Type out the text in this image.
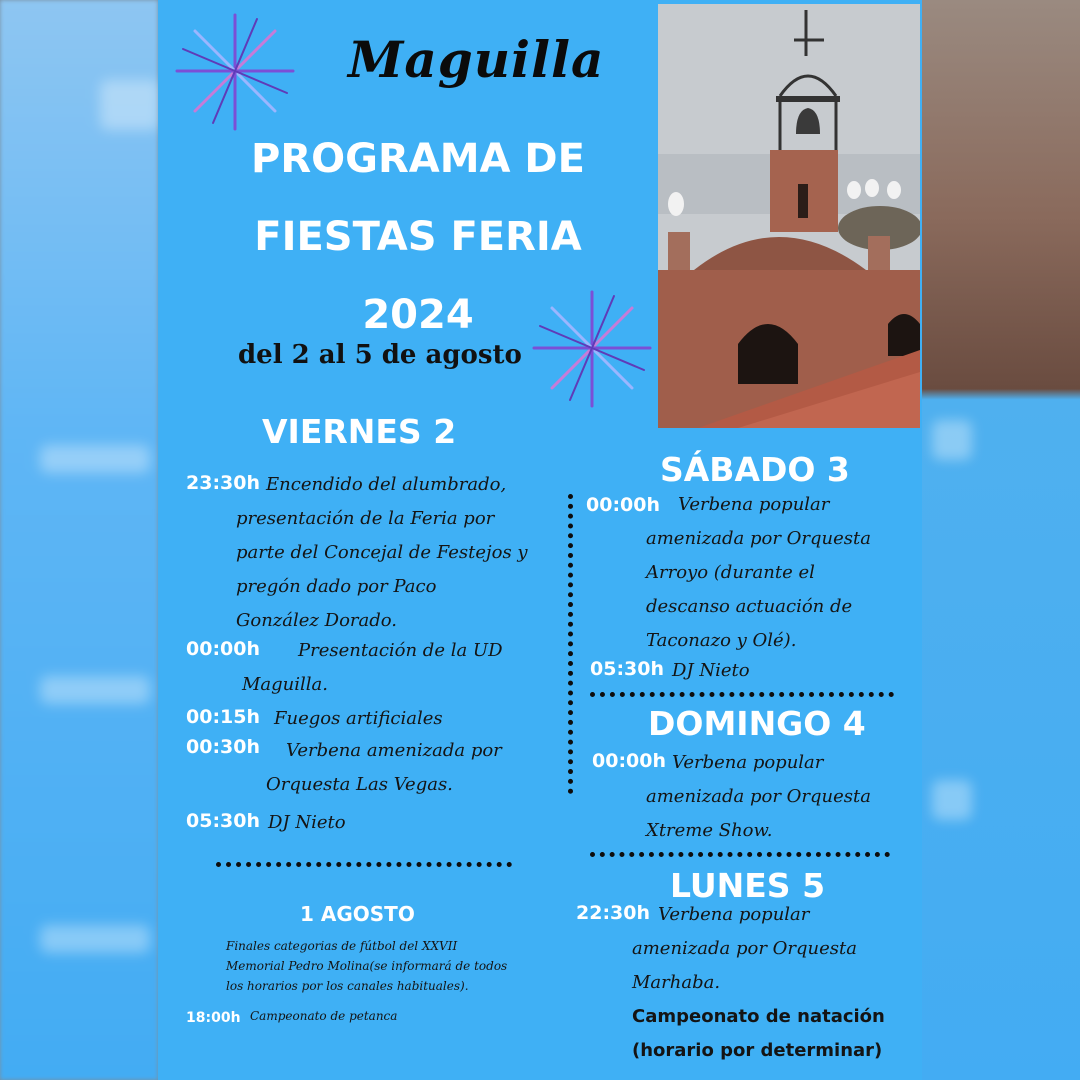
Maguilla
PROGRAMA DE
FIESTAS FERIA
2024
del 2 al 5 de agosto
VIERNES 2
23:30h Encendido del alumbrado,
presentación de la Feria por
parte del Concejal de Festejos y
pregón dado por Paco
González Dorado.
00:00h Presentación de la UD
Maguilla.
00:15h Fuegos artificiales
00:30h Verbena amenizada por
Orquesta Las Vegas.
05:30h DJ Nieto
1 AGOSTO
Finales categorias de fútbol del XXVII
Memorial Pedro Molina(se informará de todos
los horarios por los canales habituales).
18:00h Campeonato de petanca
SÁBADO 3
00:00h Verbena popular
amenizada por Orquesta
Arroyo (durante el
descanso actuación de
Taconazo y Olé).
05:30h DJ Nieto
DOMINGO 4
00:00h Verbena popular
amenizada por Orquesta
Xtreme Show.
LUNES 5
22:30h Verbena popular
amenizada por Orquesta
Marhaba.
Campeonato de natación
(horario por determinar)
